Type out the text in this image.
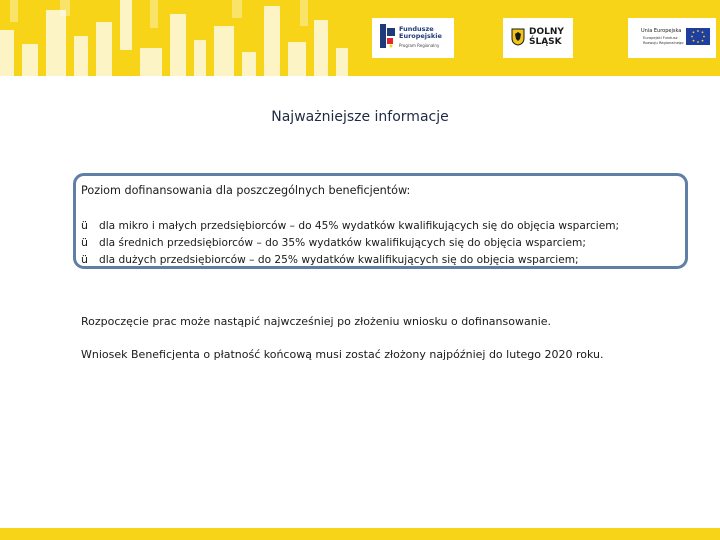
Fundusze
Europejskie
Program Regionalny
DOLNY
ŚLĄSK
Unia Europejska
Europejski Fundusz
Rozwoju Regionalnego
Najważniejsze informacje
Poziom dofinansowania dla poszczególnych beneficjentów:
ü dla mikro i małych przedsiębiorców – do 45% wydatków kwalifikujących się do objęcia wsparciem;
ü dla średnich przedsiębiorców – do 35% wydatków kwalifikujących się do objęcia wsparciem;
ü dla dużych przedsiębiorców – do 25% wydatków kwalifikujących się do objęcia wsparciem;
Rozpoczęcie prac może nastąpić najwcześniej po złożeniu wniosku o dofinansowanie.
Wniosek Beneficjenta o płatność końcową musi zostać złożony najpóźniej do lutego 2020 roku.
